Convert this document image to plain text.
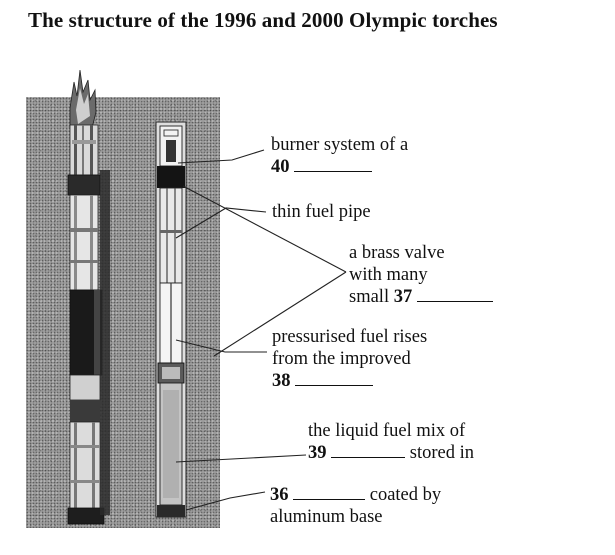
The structure of the 1996 and 2000 Olympic torches
burner system of a
40
thin fuel pipe
a brass valve
with many
small 37
pressurised fuel rises
from the improved
38
the liquid fuel mix of
39	stored in
36	coated by
aluminum base
